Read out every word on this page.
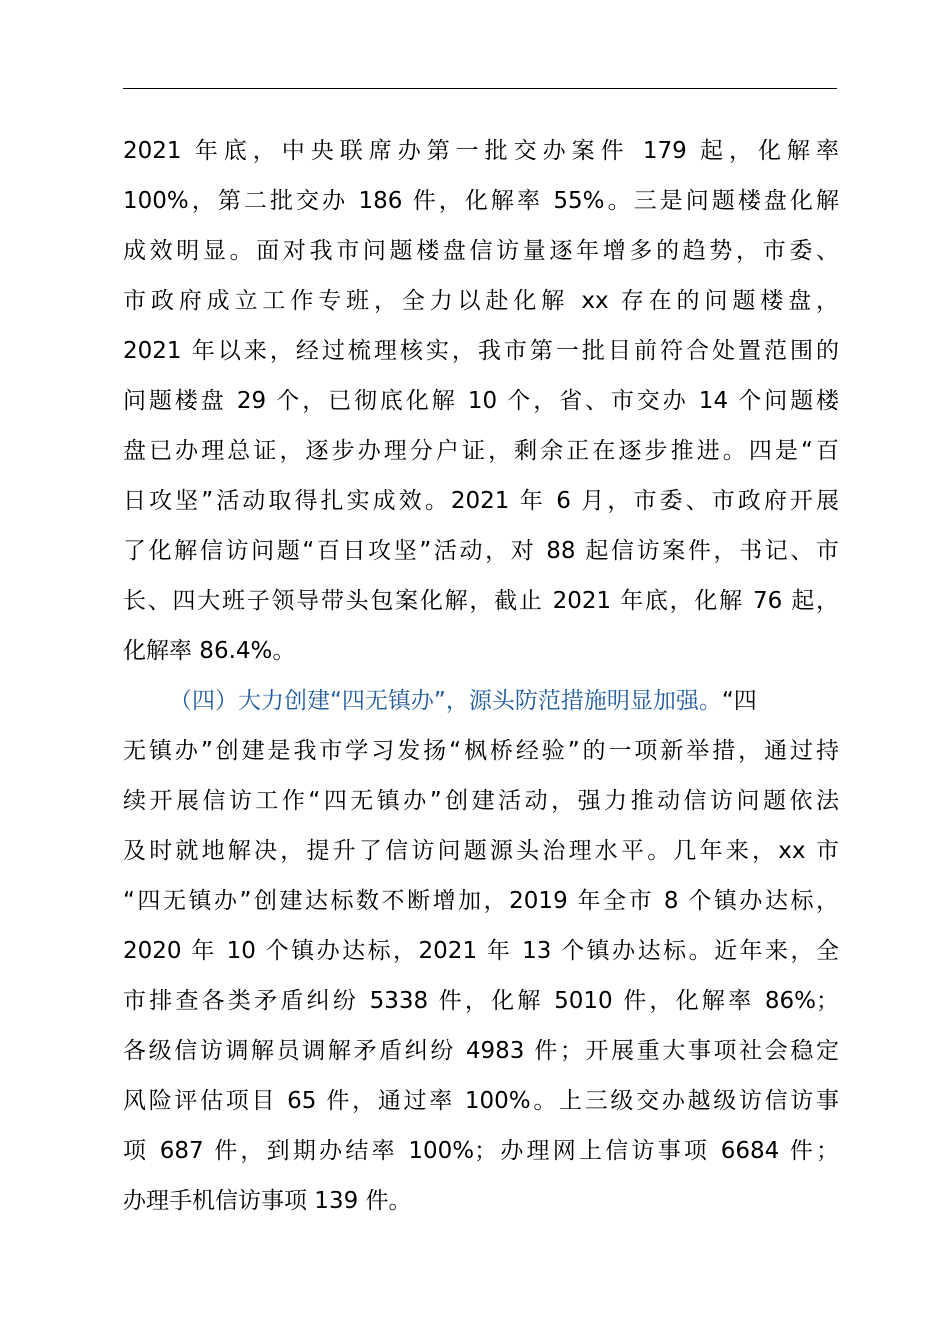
2021 年底，中央联席办第一批交办案件 179 起，化解率
100%，第二批交办 186 件，化解率 55%。三是问题楼盘化解
成效明显。面对我市问题楼盘信访量逐年增多的趋势，市委、
市政府成立工作专班，全力以赴化解 xx 存在的问题楼盘，
2021 年以来，经过梳理核实，我市第一批目前符合处置范围的
问题楼盘 29 个，已彻底化解 10 个，省、市交办 14 个问题楼
盘已办理总证，逐步办理分户证，剩余正在逐步推进。四是“百
日攻坚”活动取得扎实成效。2021 年 6 月，市委、市政府开展
了化解信访问题“百日攻坚”活动，对 88 起信访案件，书记、市
长、四大班子领导带头包案化解，截止 2021 年底，化解 76 起，
化解率 86.4%。
（四）大力创建“四无镇办”，源头防范措施明显加强。“四
无镇办”创建是我市学习发扬“枫桥经验”的一项新举措，通过持
续开展信访工作“四无镇办”创建活动，强力推动信访问题依法
及时就地解决，提升了信访问题源头治理水平。几年来，xx 市
“四无镇办”创建达标数不断增加，2019 年全市 8 个镇办达标，
2020 年 10 个镇办达标，2021 年 13 个镇办达标。近年来，全
市排查各类矛盾纠纷 5338 件，化解 5010 件，化解率 86%；
各级信访调解员调解矛盾纠纷 4983 件；开展重大事项社会稳定
风险评估项目 65 件，通过率 100%。上三级交办越级访信访事
项 687 件，到期办结率 100%；办理网上信访事项 6684 件；
办理手机信访事项 139 件。
